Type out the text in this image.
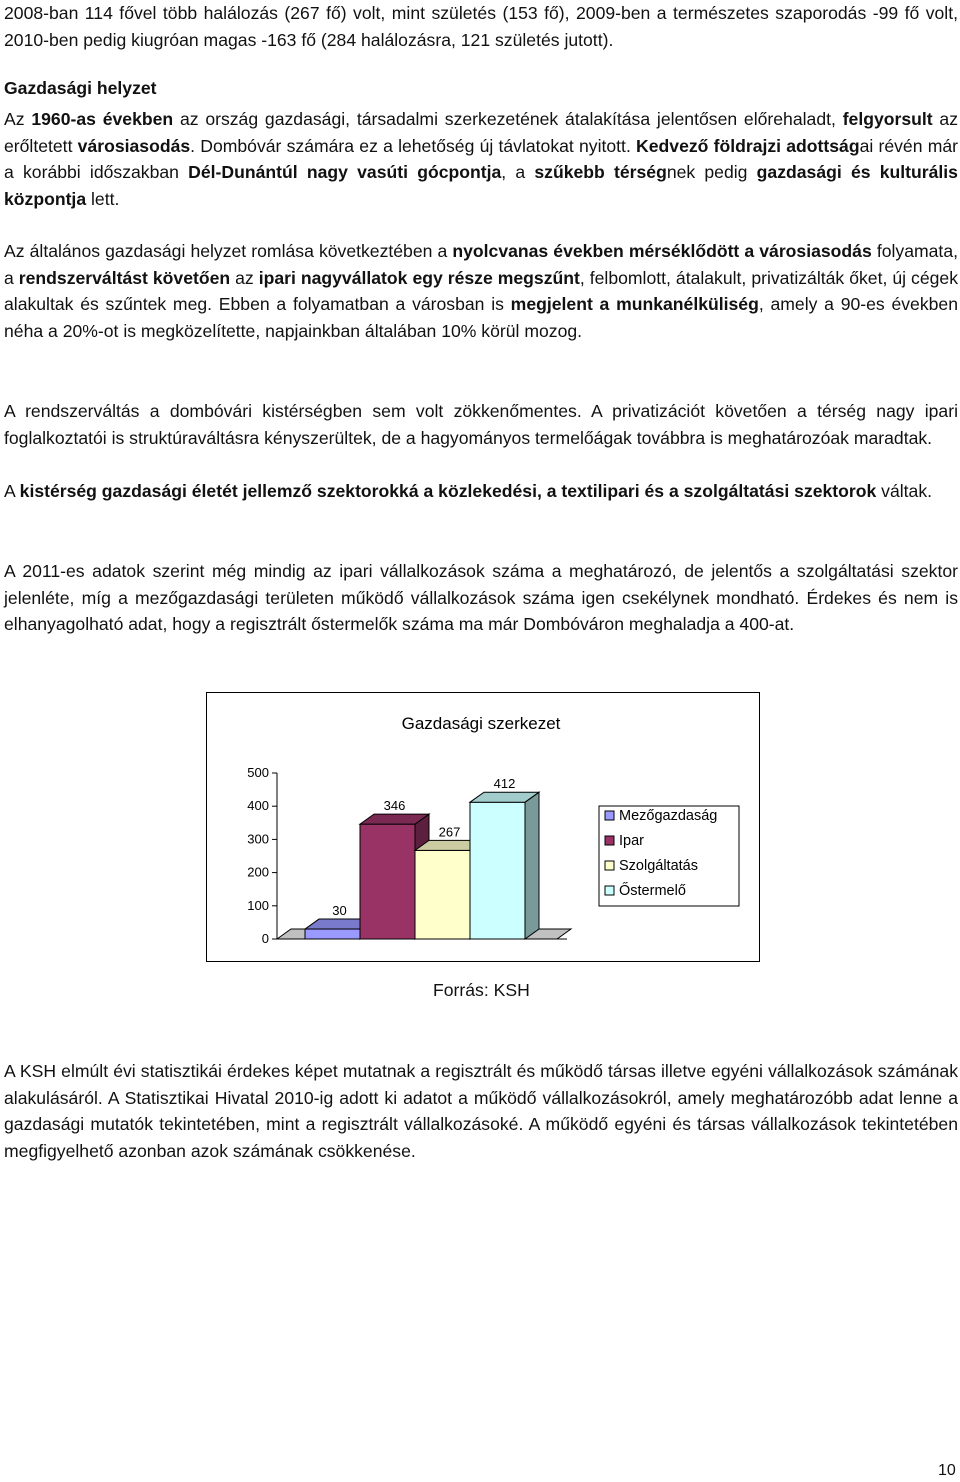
2008-ban 114 fővel több halálozás (267 fő) volt, mint születés (153 fő), 2009-ben a természetes szaporodás -99 fő volt, 2010-ben pedig kiugróan magas -163 fő (284 halálozásra, 121 születés jutott).

Gazdasági helyzet

Az 1960-as években az ország gazdasági, társadalmi szerkezetének átalakítása jelentősen előrehaladt, felgyorsult az erőltetett városiasodás. Dombóvár számára ez a lehetőség új távlatokat nyitott. Kedvező földrajzi adottságai révén már a korábbi időszakban Dél-Dunántúl nagy vasúti gócpontja, a szűkebb térségnek pedig gazdasági és kulturális központja lett.

Az általános gazdasági helyzet romlása következtében a nyolcvanas években mérséklődött a városiasodás folyamata, a rendszerváltást követően az ipari nagyvállatok egy része megszűnt, felbomlott, átalakult, privatizálták őket, új cégek alakultak és szűntek meg. Ebben a folyamatban a városban is megjelent a munkanélküliség, amely a 90-es években néha a 20%-ot is megközelítette, napjainkban általában 10% körül mozog.

A rendszerváltás a dombóvári kistérségben sem volt zökkenőmentes. A privatizációt követően a térség nagy ipari foglalkoztatói is struktúraváltásra kényszerültek, de a hagyományos termelőágak továbbra is meghatározóak maradtak.

A kistérség gazdasági életét jellemző szektorokká a közlekedési, a textilipari és a szolgáltatási szektorok váltak.

A 2011-es adatok szerint még mindig az ipari vállalkozások száma a meghatározó, de jelentős a szolgáltatási szektor jelenléte, míg a mezőgazdasági területen működő vállalkozások száma igen csekélynek mondható. Érdekes és nem is elhanyagolható adat, hogy a regisztrált őstermelők száma ma már Dombóváron meghaladja a 400-at.

Gazdasági szerkezet
0
100
200
300
400
500
30
346
267
412
Mezőgazdaság
Ipar
Szolgáltatás
Őstermelő
Forrás: KSH

A KSH elmúlt évi statisztikái érdekes képet mutatnak a regisztrált és működő társas illetve egyéni vállalkozások számának alakulásáról. A Statisztikai Hivatal 2010-ig adott ki adatot a működő vállalkozásokról, amely meghatározóbb adat lenne a gazdasági mutatók tekintetében, mint a regisztrált vállalkozásoké. A működő egyéni és társas vállalkozások tekintetében megfigyelhető azonban azok számának csökkenése.

10
